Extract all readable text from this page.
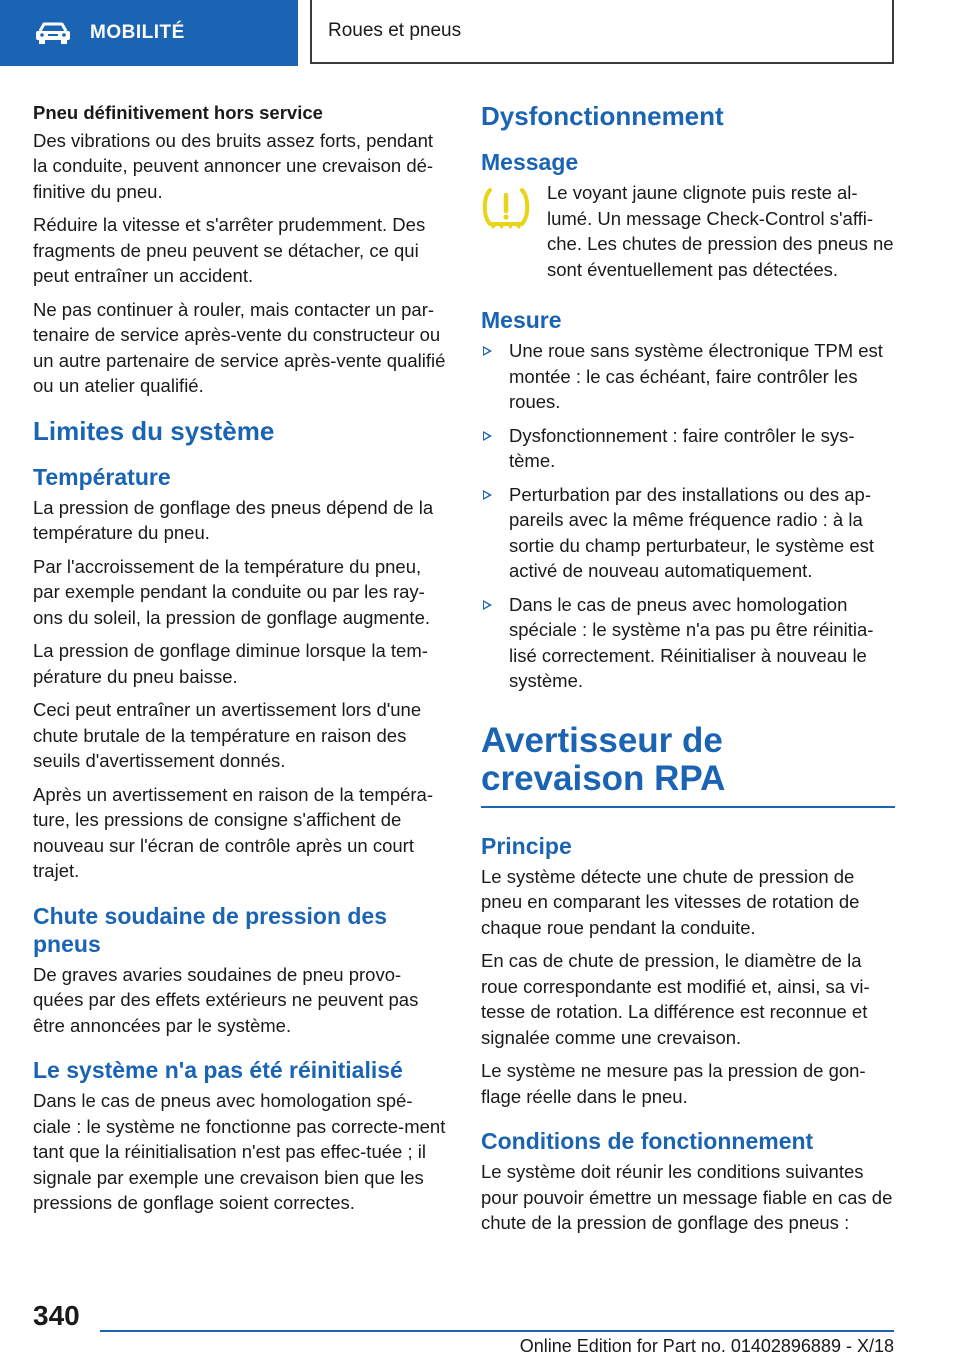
MOBILITÉ	Roues et pneus
Pneu définitivement hors service

Des vibrations ou des bruits assez forts, pendant la conduite, peuvent annoncer une crevaison dé‐finitive du pneu.

Réduire la vitesse et s'arrêter prudemment. Des fragments de pneu peuvent se détacher, ce qui peut entraîner un accident.

Ne pas continuer à rouler, mais contacter un par‐tenaire de service après-vente du constructeur ou un autre partenaire de service après-vente qualifié ou un atelier qualifié.

Limites du système
Température

La pression de gonflage des pneus dépend de la température du pneu.

Par l'accroissement de la température du pneu, par exemple pendant la conduite ou par les ray‐ons du soleil, la pression de gonflage augmente.

La pression de gonflage diminue lorsque la tem‐pérature du pneu baisse.

Ceci peut entraîner un avertissement lors d'une chute brutale de la température en raison des seuils d'avertissement donnés.

Après un avertissement en raison de la tempéra‐ture, les pressions de consigne s'affichent de nouveau sur l'écran de contrôle après un court trajet.

Chute soudaine de pression des pneus

De graves avaries soudaines de pneu provo‐quées par des effets extérieurs ne peuvent pas être annoncées par le système.

Le système n'a pas été réinitialisé

Dans le cas de pneus avec homologation spé‐ciale : le système ne fonctionne pas correcte‐ment tant que la réinitialisation n'est pas effec‐tuée ; il signale par exemple une crevaison bien que les pressions de gonflage soient correctes.

Dysfonctionnement
Message

Le voyant jaune clignote puis reste al‐lumé. Un message Check-Control s'affi‐che. Les chutes de pression des pneus ne sont éventuellement pas détectées.

Mesure
Une roue sans système électronique TPM est montée : le cas échéant, faire contrôler les roues.
Dysfonctionnement : faire contrôler le sys‐tème.
Perturbation par des installations ou des ap‐pareils avec la même fréquence radio : à la sortie du champ perturbateur, le système est activé de nouveau automatiquement.
Dans le cas de pneus avec homologation spéciale : le système n'a pas pu être réinitia‐lisé correctement. Réinitialiser à nouveau le système.
Avertisseur de crevaison RPA
Principe

Le système détecte une chute de pression de pneu en comparant les vitesses de rotation de chaque roue pendant la conduite.

En cas de chute de pression, le diamètre de la roue correspondante est modifié et, ainsi, sa vi‐tesse de rotation. La différence est reconnue et signalée comme une crevaison.

Le système ne mesure pas la pression de gon‐flage réelle dans le pneu.

Conditions de fonctionnement

Le système doit réunir les conditions suivantes pour pouvoir émettre un message fiable en cas de chute de la pression de gonflage des pneus :

340
Online Edition for Part no. 01402896889 - X/18
